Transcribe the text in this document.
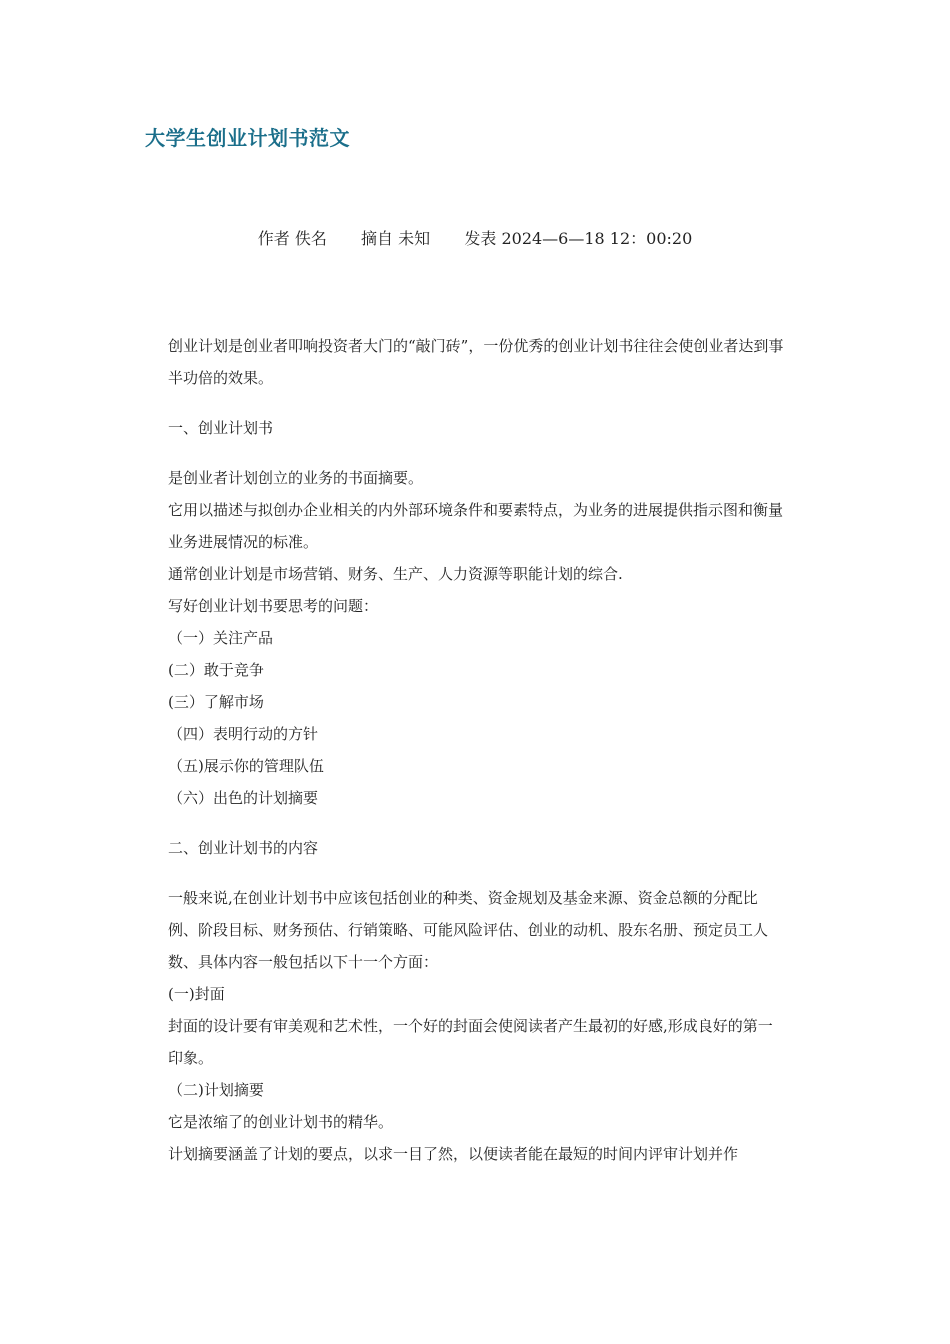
大学生创业计划书范文
作者 佚名 摘自 未知 发表 2024—6—18 12：00:20

创业计划是创业者叩响投资者大门的“敲门砖”，一份优秀的创业计划书往往会使创业者达到事半功倍的效果。

一、创业计划书

是创业者计划创立的业务的书面摘要。

它用以描述与拟创办企业相关的内外部环境条件和要素特点，为业务的进展提供指示图和衡量业务进展情况的标准。

通常创业计划是市场营销、财务、生产、人力资源等职能计划的综合.

写好创业计划书要思考的问题：

（一）关注产品

(二）敢于竞争

(三）了解市场

（四）表明行动的方针

（五)展示你的管理队伍

（六）出色的计划摘要

二、创业计划书的内容

一般来说,在创业计划书中应该包括创业的种类、资金规划及基金来源、资金总额的分配比例、阶段目标、财务预估、行销策略、可能风险评估、创业的动机、股东名册、预定员工人数、具体内容一般包括以下十一个方面：

(一)封面

封面的设计要有审美观和艺术性，一个好的封面会使阅读者产生最初的好感,形成良好的第一印象。

（二)计划摘要

它是浓缩了的创业计划书的精华。

计划摘要涵盖了计划的要点，以求一目了然，以便读者能在最短的时间内评审计划并作
